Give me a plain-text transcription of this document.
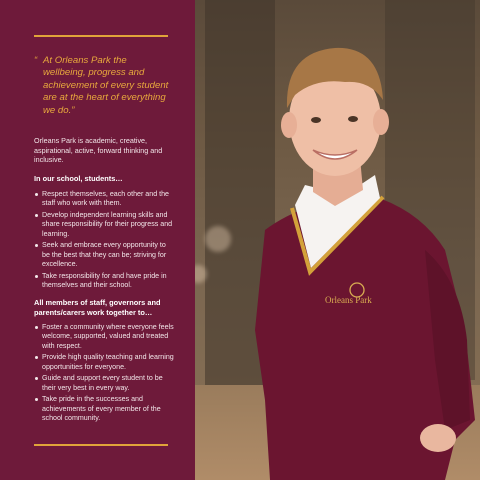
“ At Orleans Park the wellbeing, progress and achievement of every student are at the heart of everything we do.”
Orleans Park is academic, creative, aspirational, active, forward thinking and inclusive.
In our school, students…
Respect themselves, each other and the staff who work with them.
Develop independent learning skills and share responsibility for their progress and learning.
Seek and embrace every opportunity to be the best that they can be; striving for excellence.
Take responsibility for and have pride in themselves and their school.
All members of staff, governors and parents/carers work together to…
Foster a community where everyone feels welcome, supported, valued and treated with respect.
Provide high quality teaching and learning opportunities for everyone.
Guide and support every student to be their very best in every way.
Take pride in the successes and achievements of every member of the school community.
Orleans Park
